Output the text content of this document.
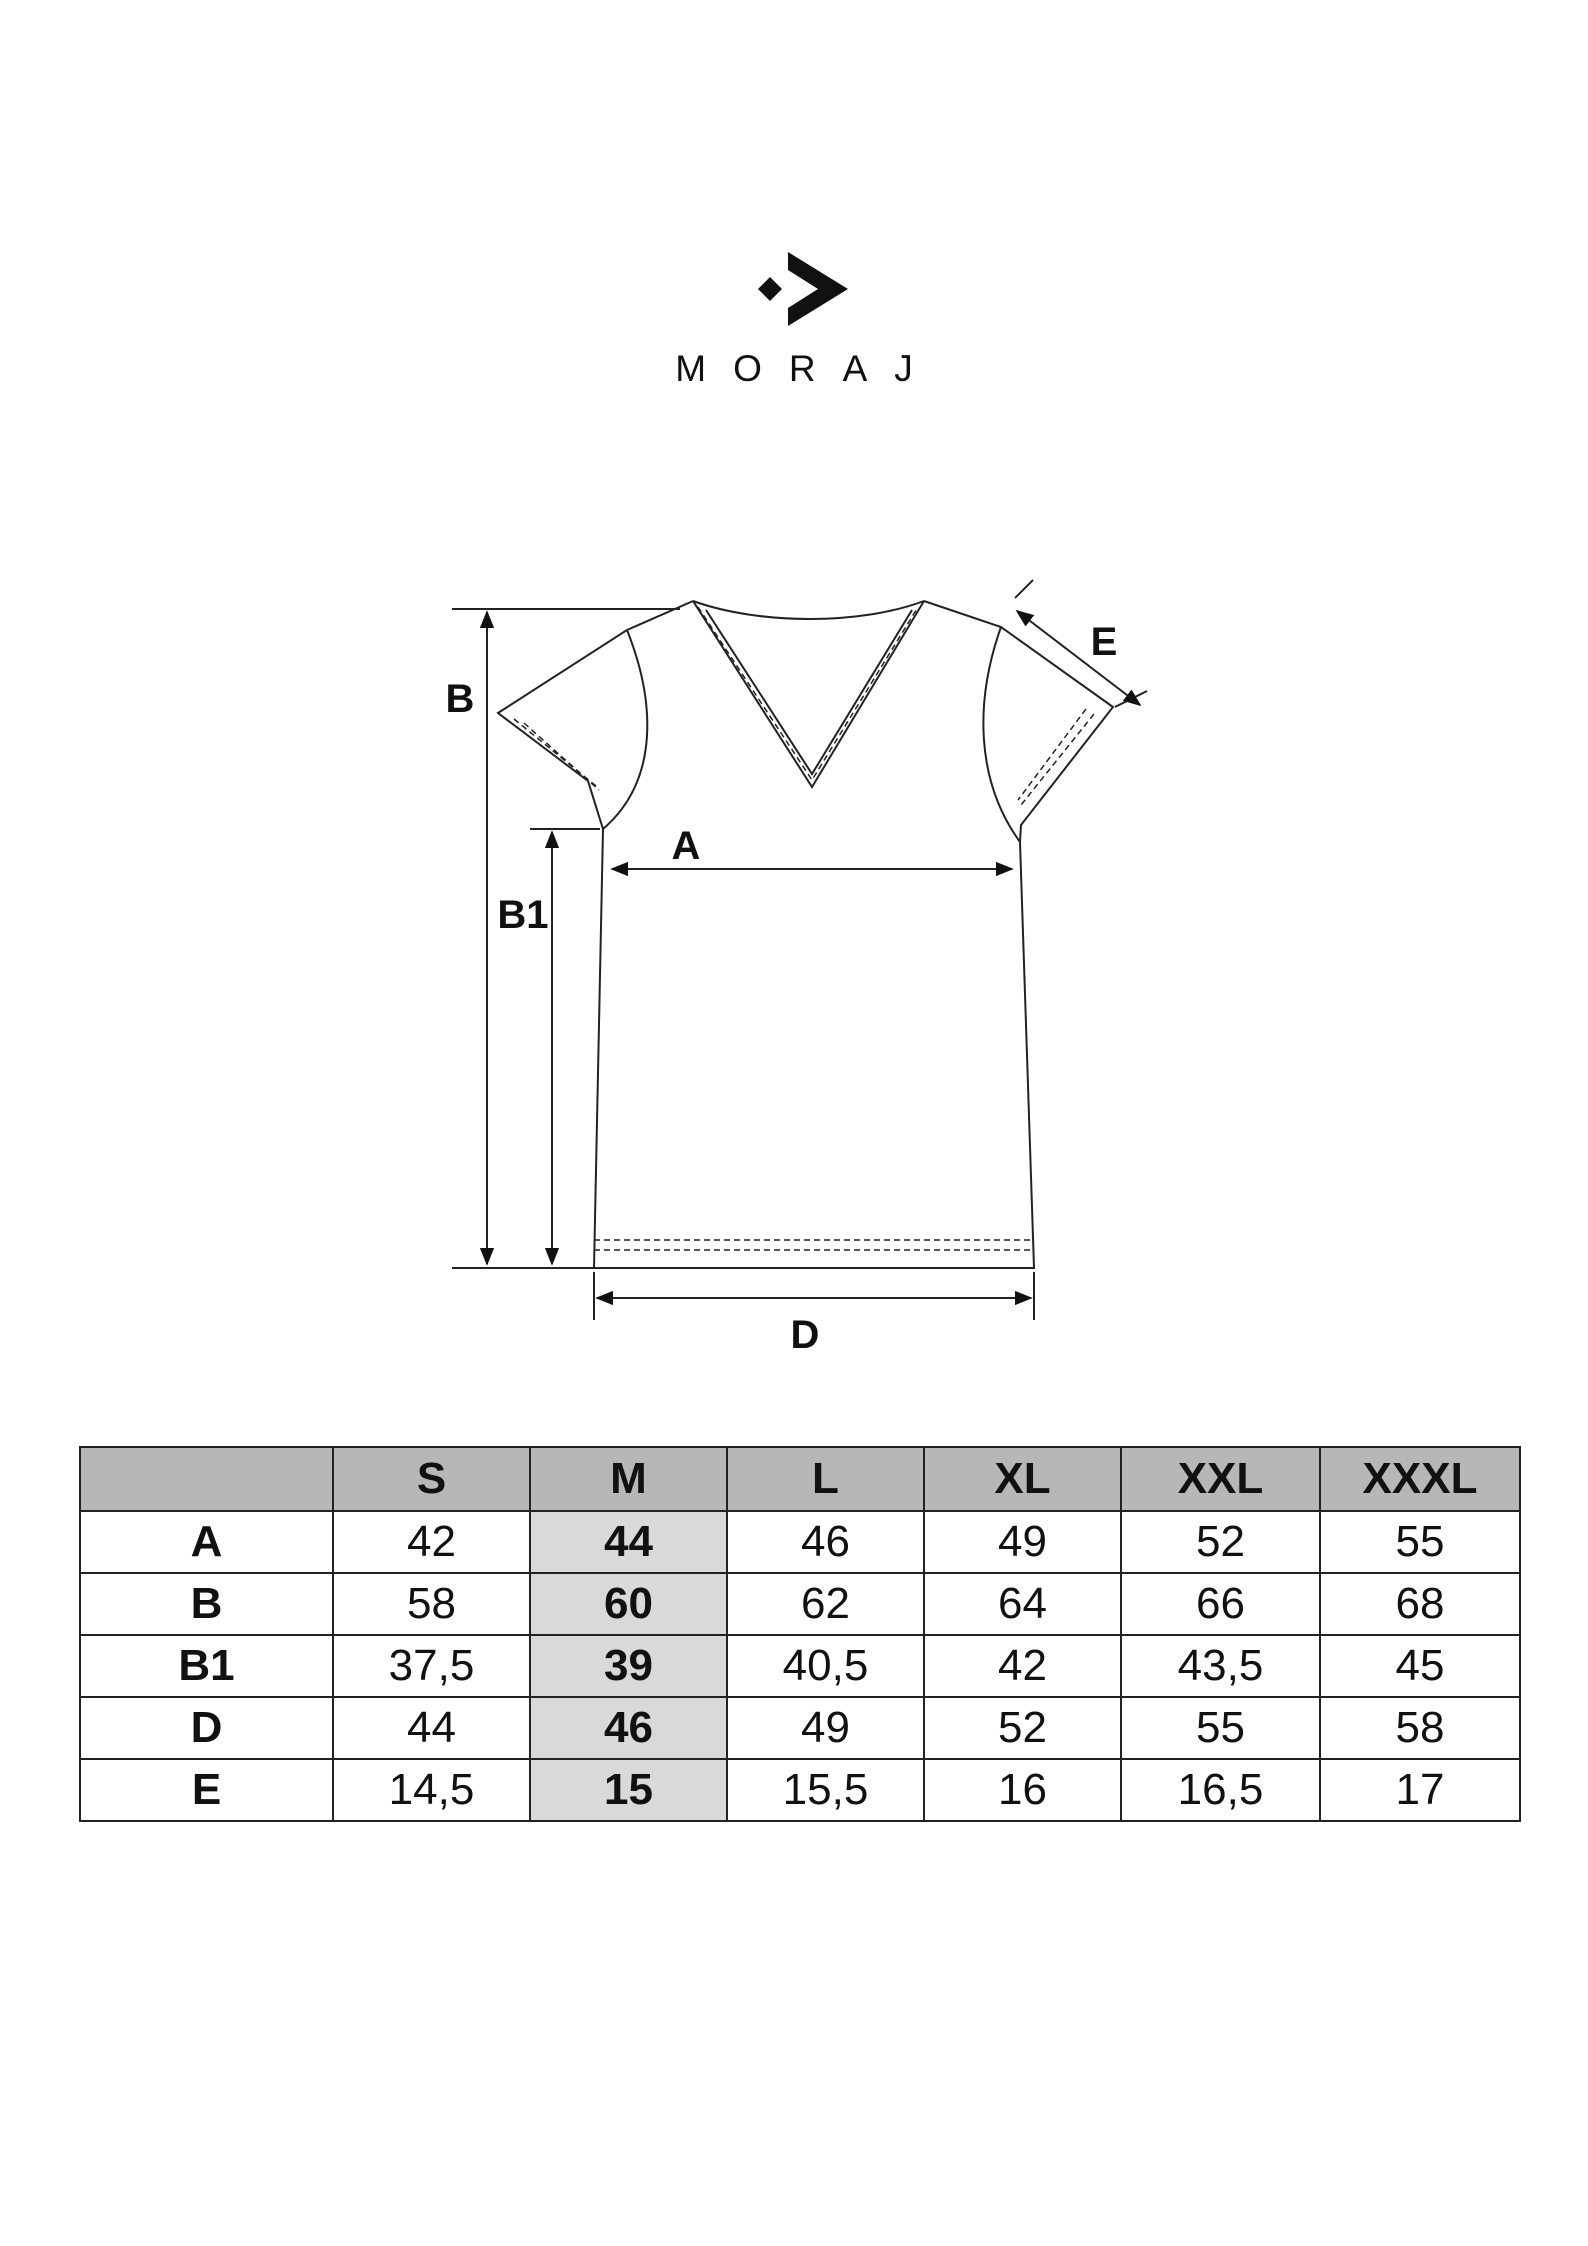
MORAJ
B
B1
A
D
E
	S	M	L	XL	XXL	XXXL
A	42	44	46	49	52	55
B	58	60	62	64	66	68
B1	37,5	39	40,5	42	43,5	45
D	44	46	49	52	55	58
E	14,5	15	15,5	16	16,5	17
